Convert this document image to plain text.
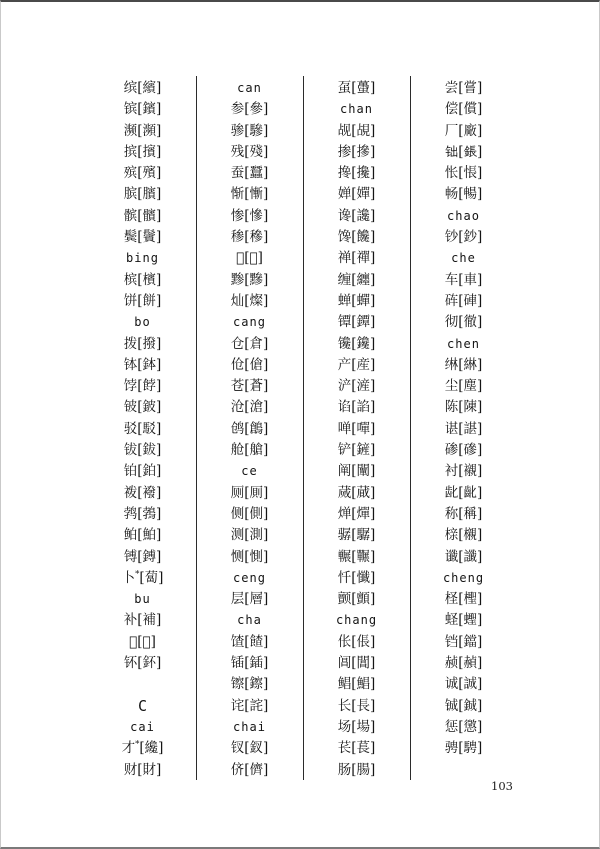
缤[繽]
镔[鑌]
濒[瀕]
摈[擯]
殡[殯]
膑[臏]
髌[髕]
鬓[鬢]
bing
槟[檳]
饼[餅]
bo
拨[撥]
钵[鉢]
饽[餑]
铍[鈹]
驳[駁]
钹[鈸]
铂[鉑]
袯[襏]
鹁[鵓]
鲌[鮊]
镈[鎛]
卜*[蔔]
bu
补[補]
𫛛[鵏]
钚[鈈]
C
cai
才*[纔]
财[財]
can
参[參]
骖[驂]
残[殘]
蚕[蠶]
惭[慚]
惨[慘]
䅟[穇]
𬖁[篸]
黪[黲]
灿[燦]
cang
仓[倉]
伧[傖]
苍[蒼]
沧[滄]
鸧[鶬]
舱[艙]
ce
厕[厠]
侧[側]
测[測]
恻[惻]
ceng
层[層]
cha
馇[餷]
锸[鍤]
镲[鑔]
诧[詫]
chai
钗[釵]
侪[儕]
虿[蠆]
chan
觇[覘]
掺[摻]
搀[攙]
婵[嬋]
谗[讒]
馋[饞]
禅[禪]
缠[纏]
蝉[蟬]
镡[鐔]
镵[鑱]
产[産]
浐[滻]
谄[諂]
啴[嘽]
铲[鏟]
阐[闡]
蒇[蕆]
𬊤[燀]
骣[驏]
冁[囅]
忏[懺]
颤[顫]
chang
伥[倀]
阊[閶]
鲳[鯧]
长[長]
场[場]
苌[萇]
肠[腸]
尝[嘗]
偿[償]
厂[廠]
𨱄[鋹]
怅[悵]
畅[暢]
chao
钞[鈔]
che
车[車]
砗[硨]
彻[徹]
chen
𬘭[綝]
尘[塵]
陈[陳]
谌[諶]
碜[磣]
衬[襯]
龀[齔]
称[稱]
榇[櫬]
谶[讖]
cheng
柽[檉]
蛏[蟶]
铛[鐺]
赪[赬]
诚[誠]
铖[鋮]
惩[懲]
骋[騁]
103
